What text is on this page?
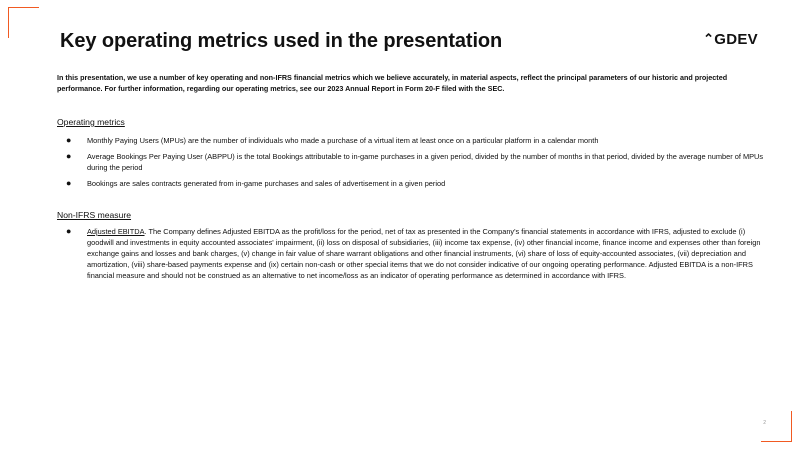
Key operating metrics used in the presentation	⌃GDEV
In this presentation, we use a number of key operating and non-IFRS financial metrics which we believe accurately, in material aspects, reflect the principal parameters of our historic and projected performance. For further information, regarding our operating metrics, see our 2023 Annual Report in Form 20-F filed with the SEC.
Operating metrics
● Monthly Paying Users (MPUs) are the number of individuals who made a purchase of a virtual item at least once on a particular platform in a calendar month
● Average Bookings Per Paying User (ABPPU) is the total Bookings attributable to in-game purchases in a given period, divided by the number of months in that period, divided by the average number of MPUs during the period
● Bookings are sales contracts generated from in-game purchases and sales of advertisement in a given period
Non-IFRS measure
● Adjusted EBITDA. The Company defines Adjusted EBITDA as the profit/loss for the period, net of tax as presented in the Company's financial statements in accordance with IFRS, adjusted to exclude (i) goodwill and investments in equity accounted associates' impairment, (ii) loss on disposal of subsidiaries, (iii) income tax expense, (iv) other financial income, finance income and expenses other than foreign exchange gains and losses and bank charges, (v) change in fair value of share warrant obligations and other financial instruments, (vi) share of loss of equity-accounted associates, (vii) depreciation and amortization, (viii) share-based payments expense and (ix) certain non-cash or other special items that we do not consider indicative of our ongoing operating performance. Adjusted EBITDA is a non-IFRS financial measure and should not be construed as an alternative to net income/loss as an indicator of operating performance as determined in accordance with IFRS.
2
